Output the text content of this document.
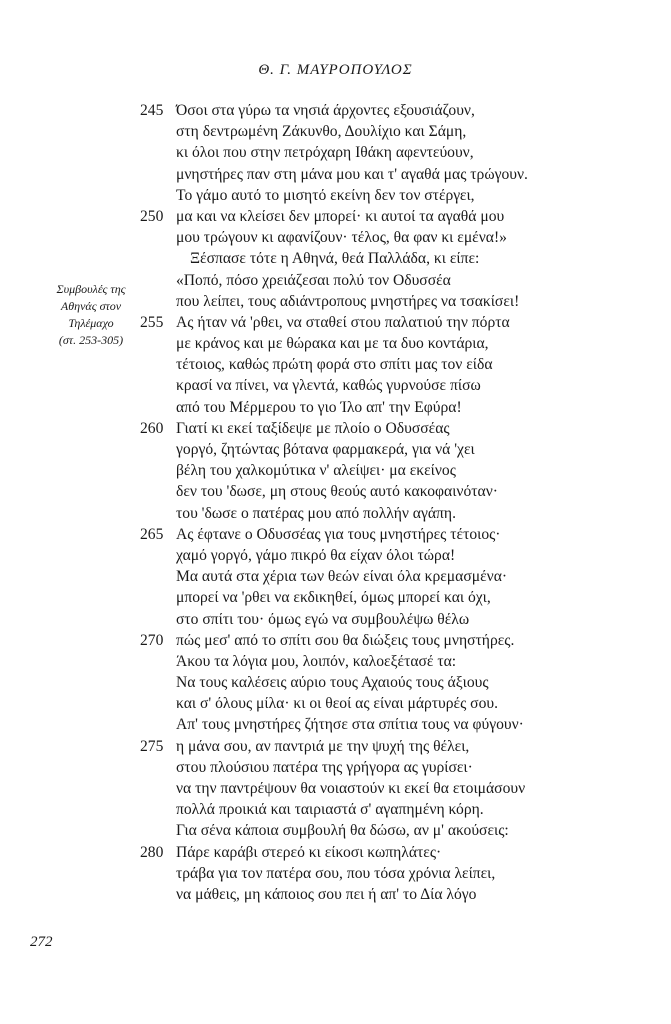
Θ. Γ. ΜΑΥΡΟΠΟΥΛΟΣ
Συμβουλές της
Αθηνάς στον
Τηλέμαχο
(στ. 253-305)
245 Όσοι στα γύρω τα νησιά άρχοντες εξουσιάζουν,
στη δεντρωμένη Ζάκυνθο, Δουλίχιο και Σάμη,
κι όλοι που στην πετρόχαρη Ιθάκη αφεντεύουν,
μνηστήρες παν στη μάνα μου και τ' αγαθά μας τρώγουν.
Το γάμο αυτό το μισητό εκείνη δεν τον στέργει,
250 μα και να κλείσει δεν μπορεί· κι αυτοί τα αγαθά μου
μου τρώγουν κι αφανίζουν· τέλος, θα φαν κι εμένα!»
Ξέσπασε τότε η Αθηνά, θεά Παλλάδα, κι είπε:
«Ποπό, πόσο χρειάζεσαι πολύ τον Οδυσσέα
που λείπει, τους αδιάντροπους μνηστήρες να τσακίσει!
255 Ας ήταν νά 'ρθει, να σταθεί στου παλατιού την πόρτα
με κράνος και με θώρακα και με τα δυο κοντάρια,
τέτοιος, καθώς πρώτη φορά στο σπίτι μας τον είδα
κρασί να πίνει, να γλεντά, καθώς γυρνούσε πίσω
από του Μέρμερου το γιο Ίλο απ' την Εφύρα!
260 Γιατί κι εκεί ταξίδεψε με πλοίο ο Οδυσσέας
γοργό, ζητώντας βότανα φαρμακερά, για νά 'χει
βέλη του χαλκομύτικα ν' αλείψει· μα εκείνος
δεν του 'δωσε, μη στους θεούς αυτό κακοφαινόταν·
του 'δωσε ο πατέρας μου από πολλήν αγάπη.
265 Ας έφτανε ο Οδυσσέας για τους μνηστήρες τέτοιος·
χαμό γοργό, γάμο πικρό θα είχαν όλοι τώρα!
Μα αυτά στα χέρια των θεών είναι όλα κρεμασμένα·
μπορεί να 'ρθει να εκδικηθεί, όμως μπορεί και όχι,
στο σπίτι του· όμως εγώ να συμβουλέψω θέλω
270 πώς μεσ' από το σπίτι σου θα διώξεις τους μνηστήρες.
Άκου τα λόγια μου, λοιπόν, καλοεξέτασέ τα:
Να τους καλέσεις αύριο τους Αχαιούς τους άξιους
και σ' όλους μίλα· κι οι θεοί ας είναι μάρτυρές σου.
Απ' τους μνηστήρες ζήτησε στα σπίτια τους να φύγουν·
275 η μάνα σου, αν παντριά με την ψυχή της θέλει,
στου πλούσιου πατέρα της γρήγορα ας γυρίσει·
να την παντρέψουν θα νοιαστούν κι εκεί θα ετοιμάσουν
πολλά προικιά και ταιριαστά σ' αγαπημένη κόρη.
Για σένα κάποια συμβουλή θα δώσω, αν μ' ακούσεις:
280 Πάρε καράβι στερεό κι είκοσι κωπηλάτες·
τράβα για τον πατέρα σου, που τόσα χρόνια λείπει,
να μάθεις, μη κάποιος σου πει ή απ' το Δία λόγο
272
